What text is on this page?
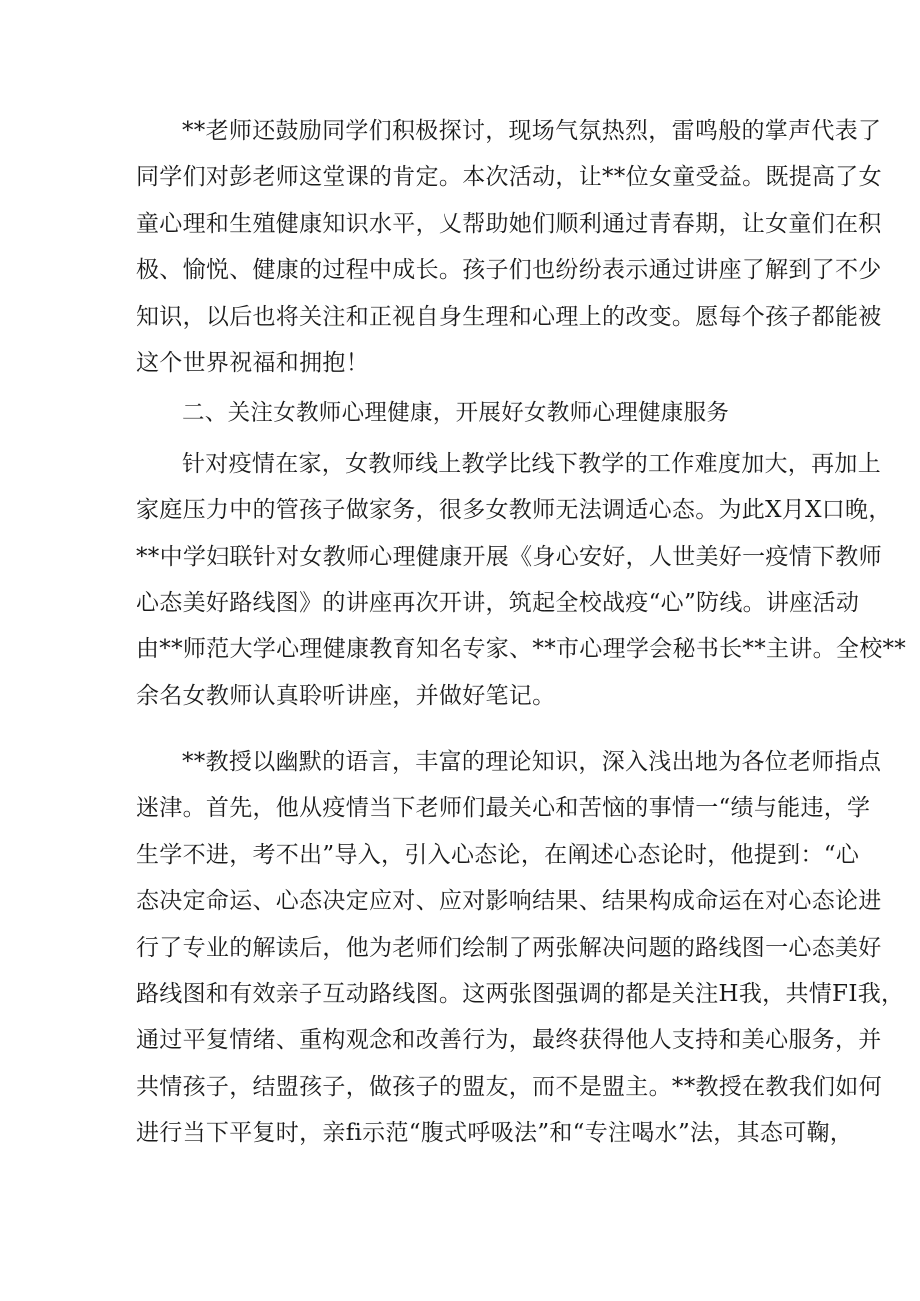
**老师还鼓励同学们积极探讨，现场气氛热烈，雷鸣般的掌声代表了
同学们对彭老师这堂课的肯定。本次活动，让**位女童受益。既提高了女
童心理和生殖健康知识水平，乂帮助她们顺利通过青春期，让女童们在积
极、愉悦、健康的过程中成长。孩子们也纷纷表示通过讲座了解到了不少
知识，以后也将关注和正视自身生理和心理上的改变。愿每个孩子都能被
这个世界祝福和拥抱！
二、关注女教师心理健康，开展好女教师心理健康服务
针对疫情在家，女教师线上教学比线下教学的工作难度加大，再加上
家庭压力中的管孩子做家务，很多女教师无法调适心态。为此X月X口晚，
**中学妇联针对女教师心理健康开展《身心安好，人世美好一疫情下教师
心态美好路线图》的讲座再次开讲，筑起全校战疫“心”防线。讲座活动
由**师范大学心理健康教育知名专家、**市心理学会秘书长**主讲。全校**
余名女教师认真聆听讲座，并做好笔记。
**教授以幽默的语言，丰富的理论知识，深入浅出地为各位老师指点
迷津。首先，他从疫情当下老师们最关心和苦恼的事情一“绩与能违，学
生学不进，考不出”导入，引入心态论，在阐述心态论时，他提到：“心
态决定命运、心态决定应对、应对影响结果、结果构成命运在对心态论进
行了专业的解读后，他为老师们绘制了两张解决问题的路线图一心态美好
路线图和有效亲子互动路线图。这两张图强调的都是关注H我，共情FI我，
通过平复情绪、重构观念和改善行为，最终获得他人支持和美心服务，并
共情孩子，结盟孩子，做孩子的盟友，而不是盟主。**教授在教我们如何
进行当下平复时，亲fi示范“腹式呼吸法”和“专注喝水”法，其态可鞠，
